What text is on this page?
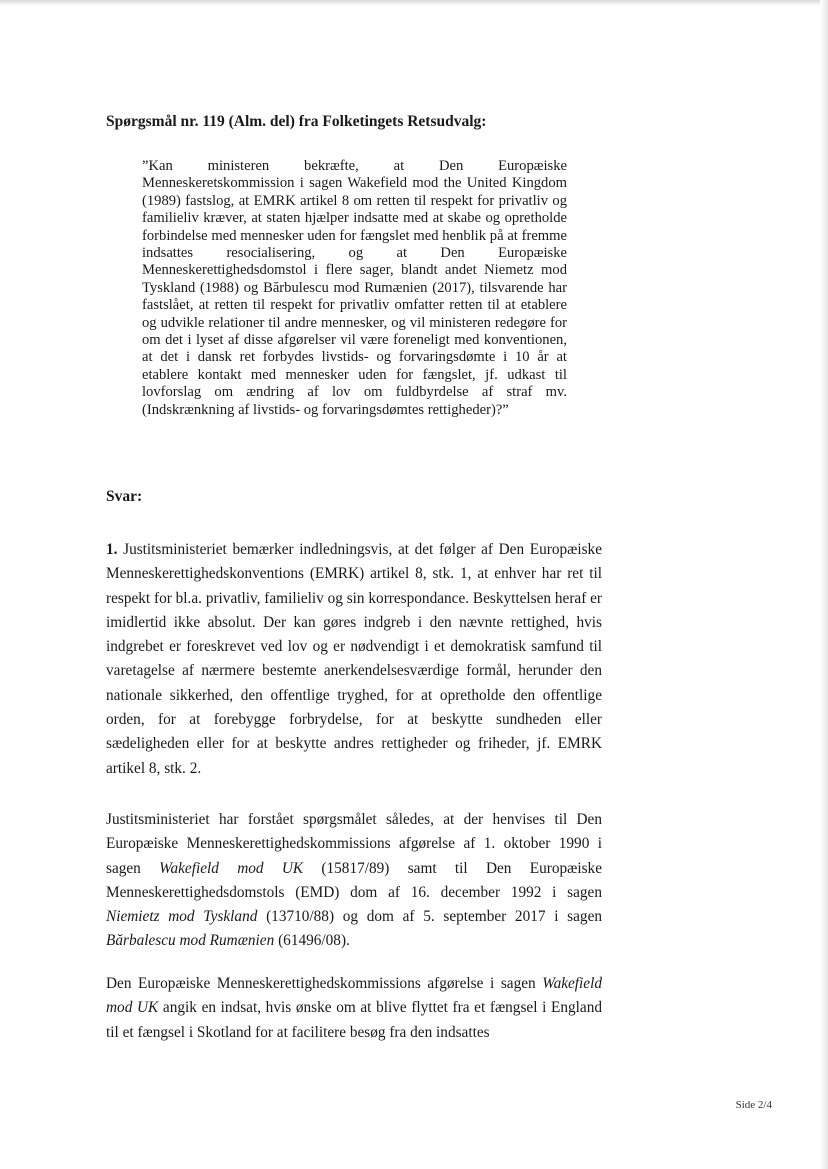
Spørgsmål nr. 119 (Alm. del) fra Folketingets Retsudvalg:

”Kan ministeren bekræfte, at Den Europæiske Menneskeretskommission i sagen Wakefield mod the United Kingdom (1989) fastslog, at EMRK artikel 8 om retten til respekt for privatliv og familieliv kræver, at staten hjælper indsatte med at skabe og opretholde forbindelse med mennesker uden for fængslet med henblik på at fremme indsattes resocialisering, og at Den Europæiske Menneskerettighedsdomstol i flere sager, blandt andet Niemetz mod Tyskland (1988) og Bărbulescu mod Rumænien (2017), tilsvarende har fastslået, at retten til respekt for privatliv omfatter retten til at etablere og udvikle relationer til andre mennesker, og vil ministeren redegøre for om det i lyset af disse afgørelser vil være foreneligt med konventionen, at det i dansk ret forbydes livstids- og forvaringsdømte i 10 år at etablere kontakt med mennesker uden for fængslet, jf. udkast til lovforslag om ændring af lov om fuldbyrdelse af straf mv. (Indskrænkning af livstids- og forvaringsdømtes rettigheder)?”

Svar:

1. Justitsministeriet bemærker indledningsvis, at det følger af Den Europæiske Menneskerettighedskonventions (EMRK) artikel 8, stk. 1, at enhver har ret til respekt for bl.a. privatliv, familieliv og sin korrespondance. Beskyttelsen heraf er imidlertid ikke absolut. Der kan gøres indgreb i den nævnte rettighed, hvis indgrebet er foreskrevet ved lov og er nødvendigt i et demokratisk samfund til varetagelse af nærmere bestemte anerkendelsesværdige formål, herunder den nationale sikkerhed, den offentlige tryghed, for at opretholde den offentlige orden, for at forebygge forbrydelse, for at beskytte sundheden eller sædeligheden eller for at beskytte andres rettigheder og friheder, jf. EMRK artikel 8, stk. 2.

Justitsministeriet har forstået spørgsmålet således, at der henvises til Den Europæiske Menneskerettighedskommissions afgørelse af 1. oktober 1990 i sagen Wakefield mod UK (15817/89) samt til Den Europæiske Menneskerettighedsdomstols (EMD) dom af 16. december 1992 i sagen Niemietz mod Tyskland (13710/88) og dom af 5. september 2017 i sagen Bărbalescu mod Rumænien (61496/08).

Den Europæiske Menneskerettighedskommissions afgørelse i sagen Wakefield mod UK angik en indsat, hvis ønske om at blive flyttet fra et fængsel i England til et fængsel i Skotland for at facilitere besøg fra den indsattes

Side 2/4
